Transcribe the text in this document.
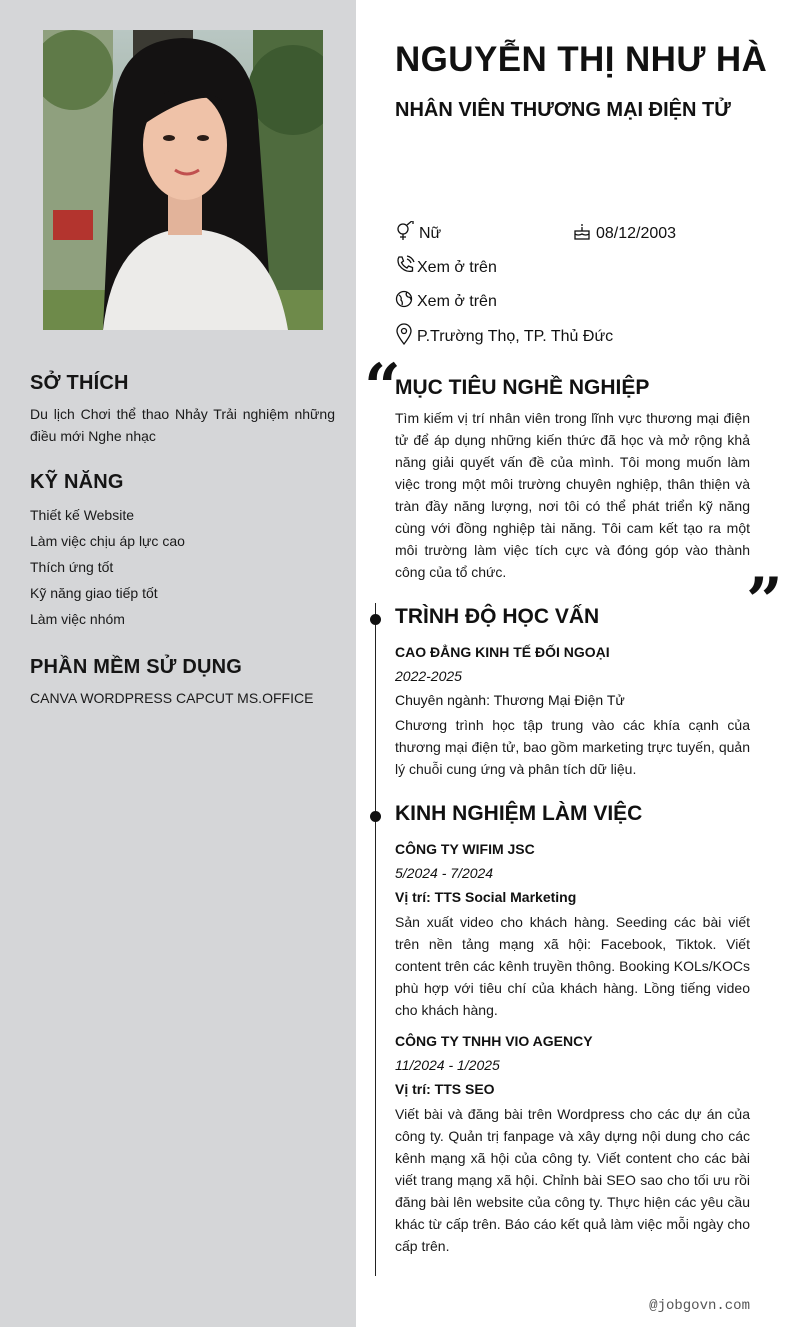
SỞ THÍCH
Du lịch Chơi thể thao Nhảy Trải nghiệm những điều mới Nghe nhạc
KỸ NĂNG
Thiết kế Website
Làm việc chịu áp lực cao
Thích ứng tốt
Kỹ năng giao tiếp tốt
Làm việc nhóm
PHẦN MỀM SỬ DỤNG
CANVA WORDPRESS CAPCUT MS.OFFICE
NGUYỄN THỊ NHƯ HÀ
NHÂN VIÊN THƯƠNG MẠI ĐIỆN TỬ
Nữ	08/12/2003
Xem ở trên
Xem ở trên
P.Trường Thọ, TP. Thủ Đức
“
MỤC TIÊU NGHỀ NGHIỆP
Tìm kiếm vị trí nhân viên trong lĩnh vực thương mại điện tử để áp dụng những kiến thức đã học và mở rộng khả năng giải quyết vấn đề của mình. Tôi mong muốn làm việc trong một môi trường chuyên nghiệp, thân thiện và tràn đầy năng lượng, nơi tôi có thể phát triển kỹ năng cùng với đồng nghiệp tài năng. Tôi cam kết tạo ra một môi trường làm việc tích cực và đóng góp vào thành công của tổ chức.	”
TRÌNH ĐỘ HỌC VẤN
CAO ĐẲNG KINH TẾ ĐỐI NGOẠI
2022-2025
Chuyên ngành: Thương Mại Điện Tử
Chương trình học tập trung vào các khía cạnh của thương mại điện tử, bao gồm marketing trực tuyến, quản lý chuỗi cung ứng và phân tích dữ liệu.
KINH NGHIỆM LÀM VIỆC
CÔNG TY WIFIM JSC
5/2024 - 7/2024
Vị trí: TTS Social Marketing
Sản xuất video cho khách hàng. Seeding các bài viết trên nền tảng mạng xã hội: Facebook, Tiktok. Viết content trên các kênh truyền thông. Booking KOLs/KOCs phù hợp với tiêu chí của khách hàng. Lồng tiếng video cho khách hàng.
CÔNG TY TNHH VIO AGENCY
11/2024 - 1/2025
Vị trí: TTS SEO
Viết bài và đăng bài trên Wordpress cho các dự án của công ty. Quản trị fanpage và xây dựng nội dung cho các kênh mạng xã hội của công ty. Viết content cho các bài viết trang mạng xã hội. Chỉnh bài SEO sao cho tối ưu rồi đăng bài lên website của công ty. Thực hiện các yêu cầu khác từ cấp trên. Báo cáo kết quả làm việc mỗi ngày cho cấp trên.
@jobgovn.com
